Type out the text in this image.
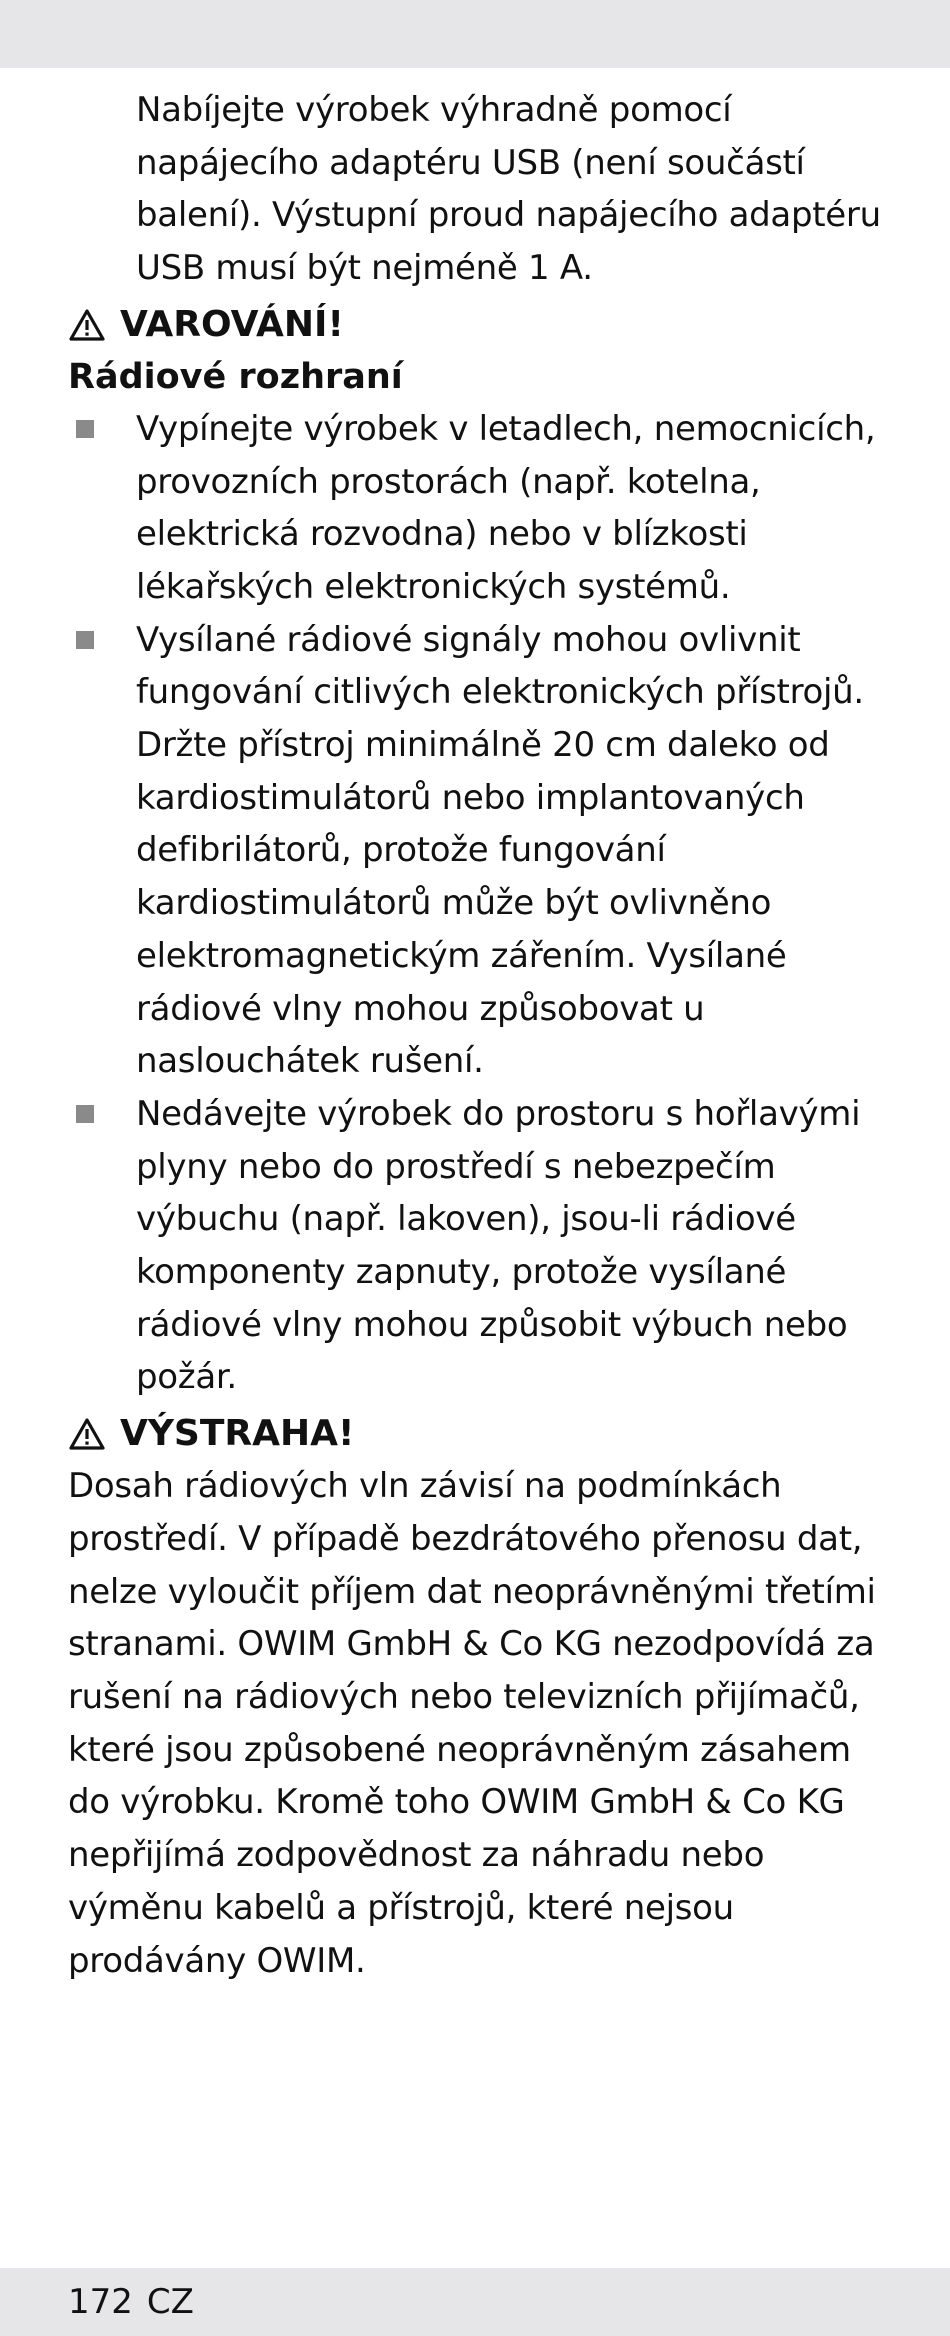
Nabíjejte výrobek výhradně pomocí napájecího adaptéru USB (není součástí balení). Výstupní proud napájecího adaptéru USB musí být nejméně 1 A.

VAROVÁNÍ!

Rádiové rozhraní

Vypínejte výrobek v letadlech, nemocnicích, provozních prostorách (např. kotelna, elektrická rozvodna) nebo v blízkosti lékařských elektronických systémů.
Vysílané rádiové signály mohou ovlivnit fungování citlivých elektronických přístrojů. Držte přístroj minimálně 20 cm daleko od kardiostimulátorů nebo implantovaných defibrilátorů, protože fungování kardiostimulátorů může být ovlivněno elektromagnetickým zářením. Vysílané rádiové vlny mohou způsobovat u naslouchátek rušení.
Nedávejte výrobek do prostoru s hořlavými plyny nebo do prostředí s nebezpečím výbuchu (např. lakoven), jsou-li rádiové komponenty zapnuty, protože vysílané rádiové vlny mohou způsobit výbuch nebo požár.
VÝSTRAHA!

Dosah rádiových vln závisí na podmínkách prostředí. V případě bezdrátového přenosu dat, nelze vyloučit příjem dat neoprávněnými třetími stranami. OWIM GmbH & Co KG nezodpovídá za rušení na rádiových nebo televizních přijímačů, které jsou způsobené neoprávněným zásahem do výrobku. Kromě toho OWIM GmbH & Co KG nepřijímá zodpovědnost za náhradu nebo výměnu kabelů a přístrojů, které nejsou prodávány OWIM.

172 CZ
